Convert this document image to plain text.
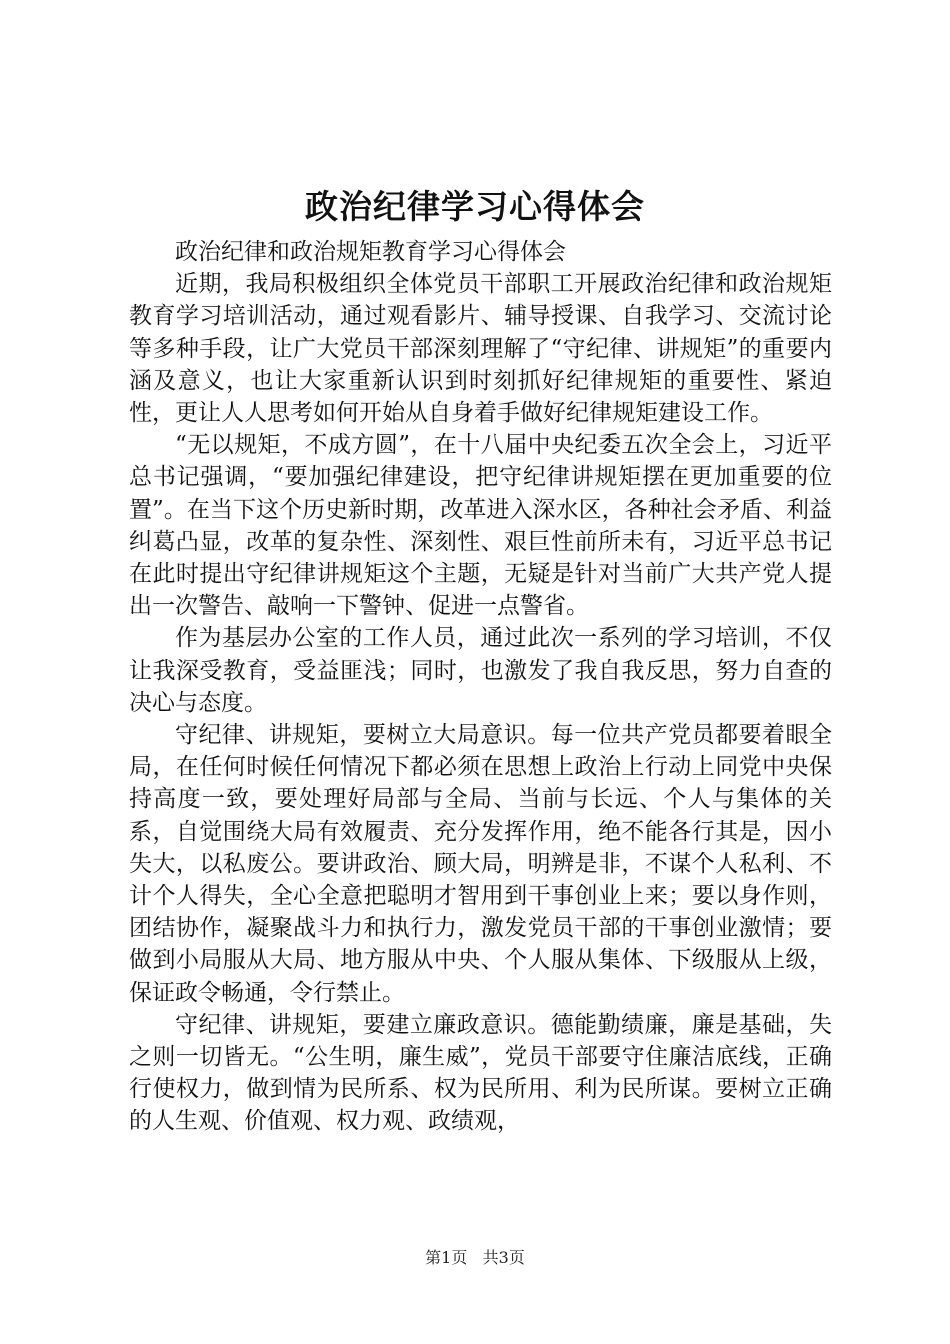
政治纪律学习心得体会

政治纪律和政治规矩教育学习心得体会

近期，我局积极组织全体党员干部职工开展政治纪律和政治规矩教育学习培训活动，通过观看影片、辅导授课、自我学习、交流讨论等多种手段，让广大党员干部深刻理解了“守纪律、讲规矩”的重要内涵及意义，也让大家重新认识到时刻抓好纪律规矩的重要性、紧迫性，更让人人思考如何开始从自身着手做好纪律规矩建设工作。

“无以规矩，不成方圆”，在十八届中央纪委五次全会上，习近平总书记强调，“要加强纪律建设，把守纪律讲规矩摆在更加重要的位置”。在当下这个历史新时期，改革进入深水区，各种社会矛盾、利益纠葛凸显，改革的复杂性、深刻性、艰巨性前所未有，习近平总书记在此时提出守纪律讲规矩这个主题，无疑是针对当前广大共产党人提出一次警告、敲响一下警钟、促进一点警省。

作为基层办公室的工作人员，通过此次一系列的学习培训，不仅让我深受教育，受益匪浅；同时，也激发了我自我反思，努力自查的决心与态度。

守纪律、讲规矩，要树立大局意识。每一位共产党员都要着眼全局，在任何时候任何情况下都必须在思想上政治上行动上同党中央保持高度一致，要处理好局部与全局、当前与长远、个人与集体的关系，自觉围绕大局有效履责、充分发挥作用，绝不能各行其是，因小失大，以私废公。要讲政治、顾大局，明辨是非，不谋个人私利、不计个人得失，全心全意把聪明才智用到干事创业上来；要以身作则，团结协作，凝聚战斗力和执行力，激发党员干部的干事创业激情；要做到小局服从大局、地方服从中央、个人服从集体、下级服从上级，保证政令畅通，令行禁止。

守纪律、讲规矩，要建立廉政意识。德能勤绩廉，廉是基础，失之则一切皆无。“公生明，廉生威”，党员干部要守住廉洁底线，正确行使权力，做到情为民所系、权为民所用、利为民所谋。要树立正确的人生观、价值观、权力观、政绩观，

第1页 共3页
